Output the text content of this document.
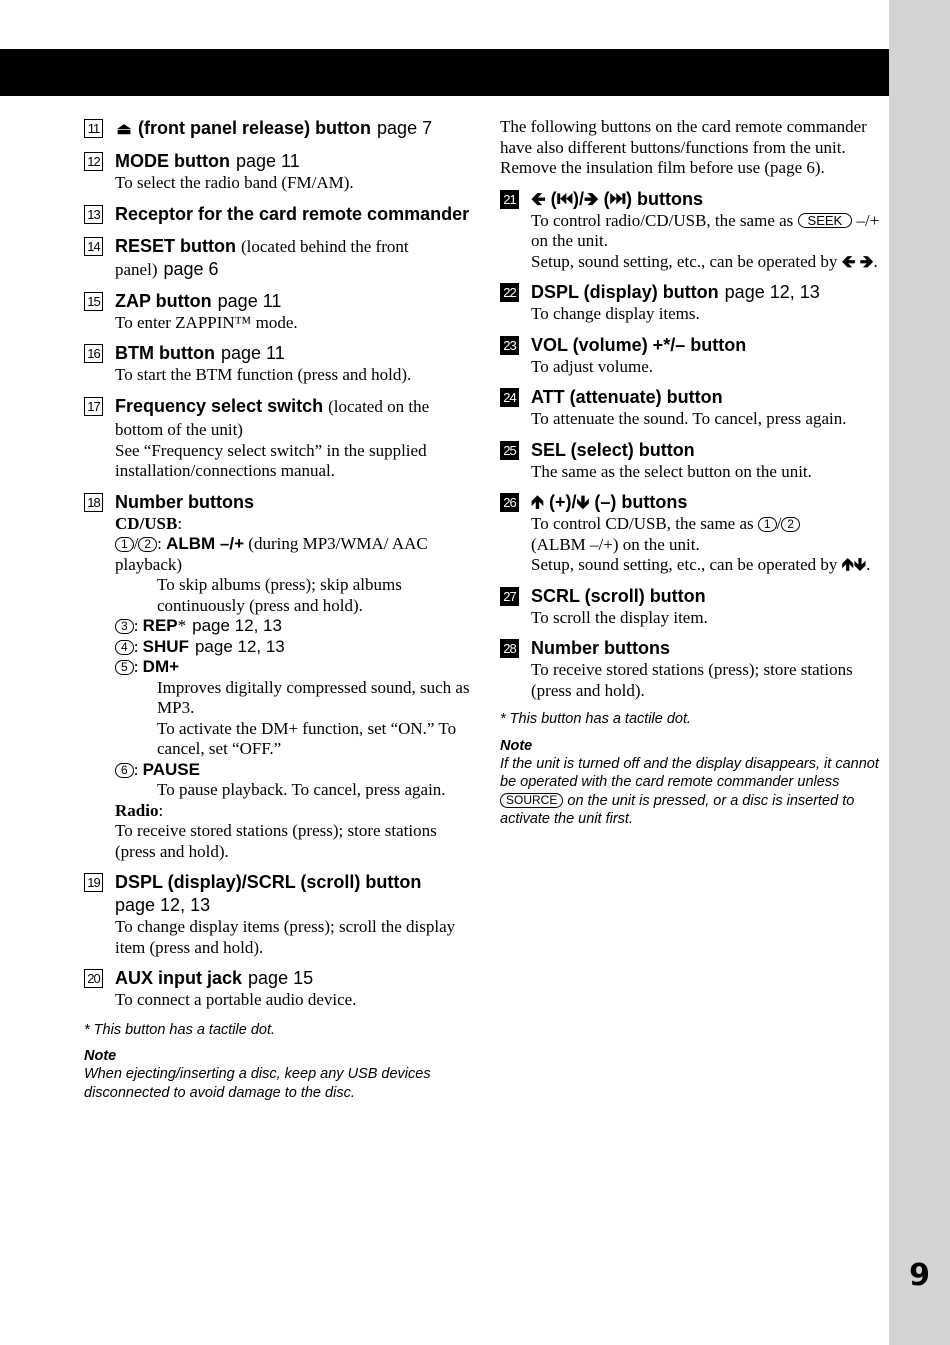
9
11 ⏏ (front panel release) button page 7
12 MODE button page 11
To select the radio band (FM/AM).
13 Receptor for the card remote commander
14 RESET button (located behind the front panel) page 6
15 ZAP button page 11
To enter ZAPPIN™ mode.
16 BTM button page 11
To start the BTM function (press and hold).
17 Frequency select switch (located on the bottom of the unit)
See “Frequency select switch” in the supplied installation/connections manual.
18 Number buttons
CD/USB:
1 / 2 : ALBM –/+ (during MP3/WMA/ AAC playback)
To skip albums (press); skip albums continuously (press and hold).
3 : REP* page 12, 13
4 : SHUF page 12, 13
5 : DM+
Improves digitally compressed sound, such as MP3.
To activate the DM+ function, set “ON.” To cancel, set “OFF.”
6 : PAUSE
To pause playback. To cancel, press again.
Radio:
To receive stored stations (press); store stations (press and hold).
19 DSPL (display)/SCRL (scroll) button
page 12, 13
To change display items (press); scroll the display item (press and hold).
20 AUX input jack page 15
To connect a portable audio device.
* This button has a tactile dot.
Note
When ejecting/inserting a disc, keep any USB devices disconnected to avoid damage to the disc.
The following buttons on the card remote commander have also different buttons/functions from the unit. Remove the insulation film before use (page 6).
21 🡸 (⏮)/🡺 (⏭) buttons
To control radio/CD/USB, the same as SEEK –/+ on the unit.
Setup, sound setting, etc., can be operated by 🡸 🡺.
22 DSPL (display) button page 12, 13
To change display items.
23 VOL (volume) +*/– button
To adjust volume.
24 ATT (attenuate) button
To attenuate the sound. To cancel, press again.
25 SEL (select) button
The same as the select button on the unit.
26 🡹 (+)/🡻 (–) buttons
To control CD/USB, the same as 1 / 2
(ALBM –/+) on the unit.
Setup, sound setting, etc., can be operated by 🡹🡻.
27 SCRL (scroll) button
To scroll the display item.
28 Number buttons
To receive stored stations (press); store stations (press and hold).
* This button has a tactile dot.
Note
If the unit is turned off and the display disappears, it cannot be operated with the card remote commander unless SOURCE on the unit is pressed, or a disc is inserted to activate the unit first.
